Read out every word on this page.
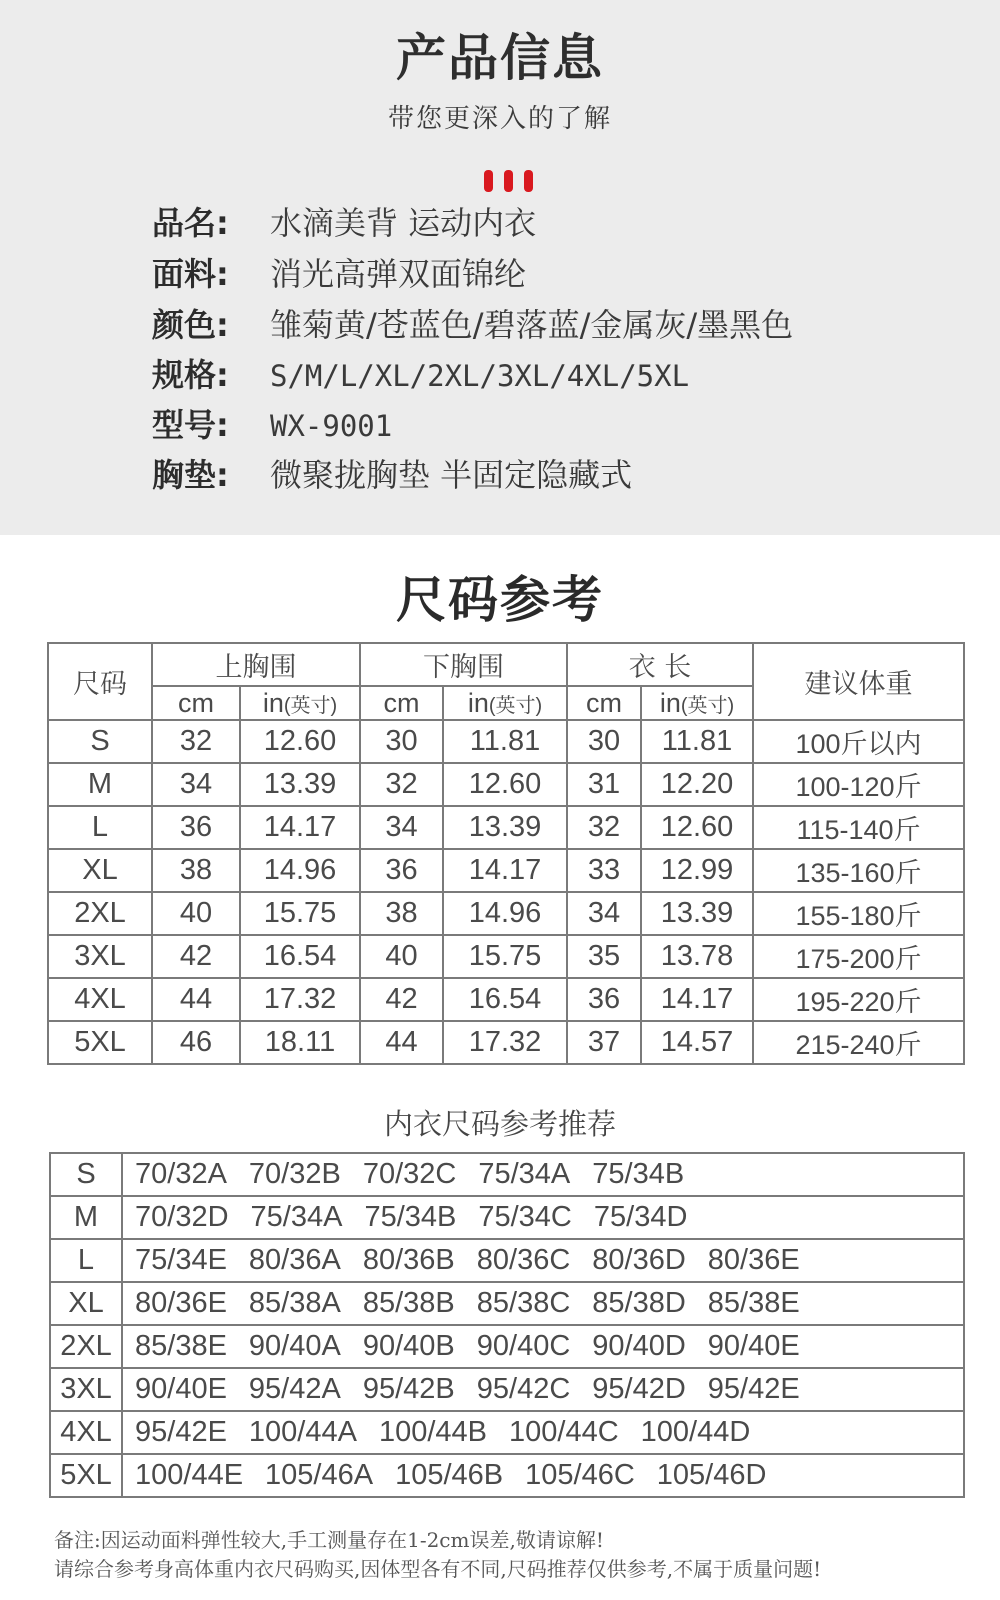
产品信息
带您更深入的了解
品名: 水滴美背 运动内衣
面料: 消光高弹双面锦纶
颜色: 雏菊黄/苍蓝色/碧落蓝/金属灰/墨黑色
规格: S/M/L/XL/2XL/3XL/4XL/5XL
型号: WX-9001
胸垫: 微聚拢胸垫 半固定隐藏式
尺码参考
尺码	上胸围		下胸围		衣 长		建议体重
	cm	in(英寸)	cm	in(英寸)	cm	in(英寸)	
S	32	12.60	30	11.81	30	11.81	100斤以内
M	34	13.39	32	12.60	31	12.20	100-120斤
L	36	14.17	34	13.39	32	12.60	115-140斤
XL	38	14.96	36	14.17	33	12.99	135-160斤
2XL	40	15.75	38	14.96	34	13.39	155-180斤
3XL	42	16.54	40	15.75	35	13.78	175-200斤
4XL	44	17.32	42	16.54	36	14.17	195-220斤
5XL	46	18.11	44	17.32	37	14.57	215-240斤
内衣尺码参考推荐
S	70/32A 70/32B 70/32C 75/34A 75/34B
M	70/32D 75/34A 75/34B 75/34C 75/34D
L	75/34E 80/36A 80/36B 80/36C 80/36D 80/36E
XL	80/36E 85/38A 85/38B 85/38C 85/38D 85/38E
2XL	85/38E 90/40A 90/40B 90/40C 90/40D 90/40E
3XL	90/40E 95/42A 95/42B 95/42C 95/42D 95/42E
4XL	95/42E 100/44A 100/44B 100/44C 100/44D
5XL	100/44E 105/46A 105/46B 105/46C 105/46D
备注:因运动面料弹性较大,手工测量存在1-2cm误差,敬请谅解!
请综合参考身高体重内衣尺码购买,因体型各有不同,尺码推荐仅供参考,不属于质量问题!
